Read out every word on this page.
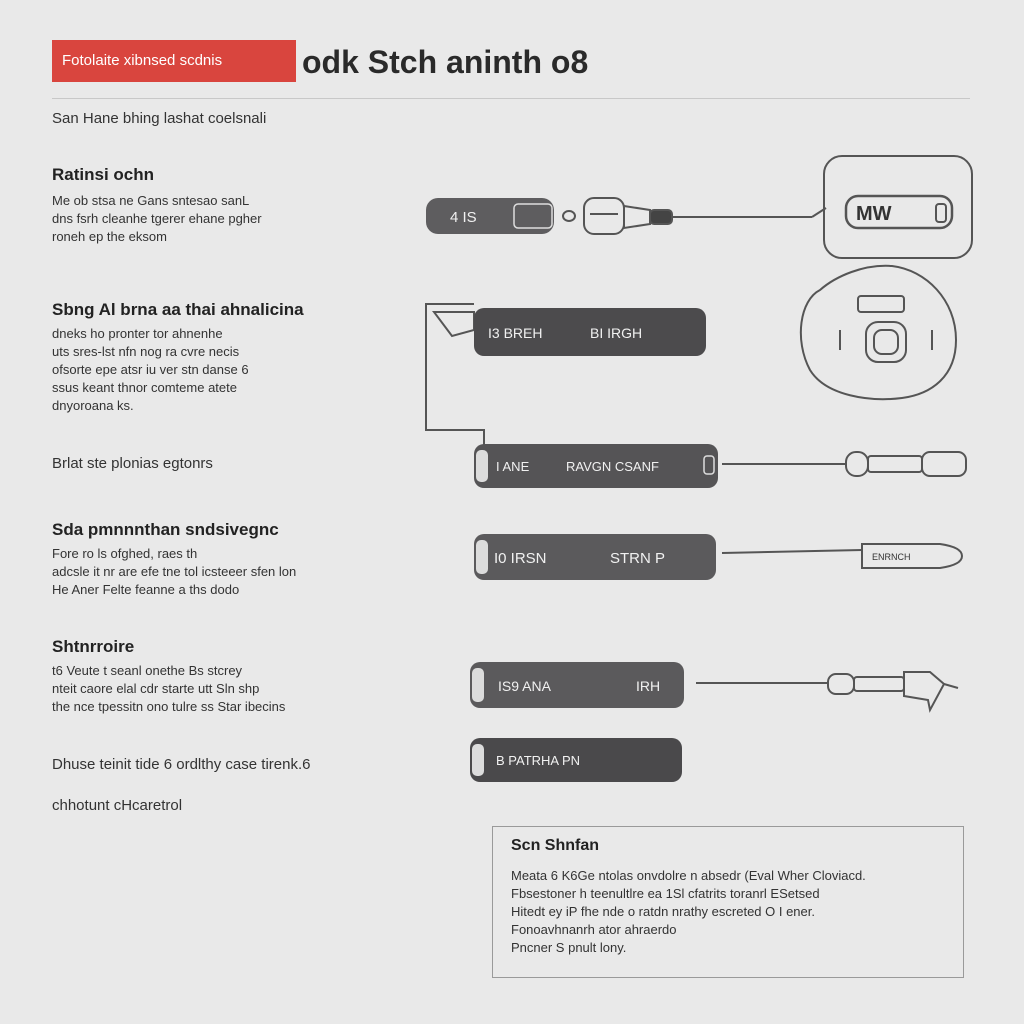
Fotolaite xibnsed scdnis	odk Stch aninth o8
San Hane bhing lashat coelsnali
Ratinsi ochn
Me ob stsa ne Gans sntesao sanL
dns fsrh cleanhe tgerer ehane pgher
roneh ep the eksom
Sbng Al brna aa thai ahnalicina
dneks ho pronter tor ahnenhe
uts sres-lst nfn nog ra cvre necis
ofsorte epe atsr iu ver stn danse 6
ssus keant thnor comteme atete
dnyoroana ks.
Brlat ste plonias egtonrs
Sda pmnnnthan sndsivegnc
Fore ro ls ofghed, raes th
adcsle it nr are efe tne tol icsteeer sfen lon
He Aner Felte feanne a ths dodo
Shtnrroire
t6 Veute t seanl onethe Bs stcrey
nteit caore elal cdr starte utt Sln shp
the nce tpessitn ono tulre ss Star ibecins
Dhuse teinit tide 6 ordlthy case tirenk.6
chhotunt cHcaretrol
4 IS
I3 BREH	BI IRGH
I ANE	RAVGN CSANF
I0 IRSN	STRN P
IS9 ANA	IRH
B PATRHA PN
ENRNCH
MW
Scn Shnfan
Meata 6 K6Ge ntolas onvdolre n absedr (Eval Wher Cloviacd.
Fbsestoner h teenultlre ea 1Sl cfatrits toranrl ESetsed
Hitedt ey iP fhe nde o ratdn nrathy escreted O I ener.
Fonoavhnanrh ator ahraerdo
Pncner S pnult lony.
